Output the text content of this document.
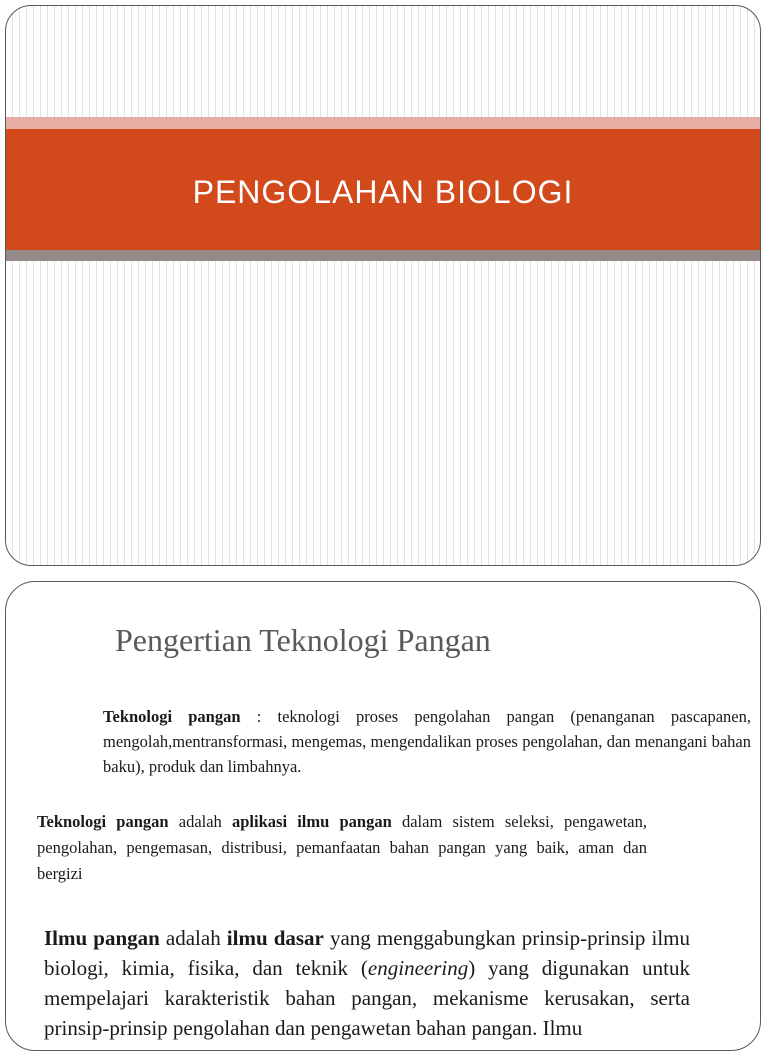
PENGOLAHAN BIOLOGI
Pengertian Teknologi Pangan

Teknologi pangan : teknologi proses pengolahan pangan (penanganan pascapanen, mengolah,mentransformasi, mengemas, mengendalikan proses pengolahan, dan menangani bahan baku), produk dan limbahnya.

Teknologi pangan adalah aplikasi ilmu pangan dalam sistem seleksi, pengawetan, pengolahan, pengemasan, distribusi, pemanfaatan bahan pangan yang baik, aman dan bergizi

Ilmu pangan adalah ilmu dasar yang menggabungkan prinsip-prinsip ilmu biologi, kimia, fisika, dan teknik (engineering) yang digunakan untuk mempelajari karakteristik bahan pangan, mekanisme kerusakan, serta prinsip-prinsip pengolahan dan pengawetan bahan pangan. Ilmu
